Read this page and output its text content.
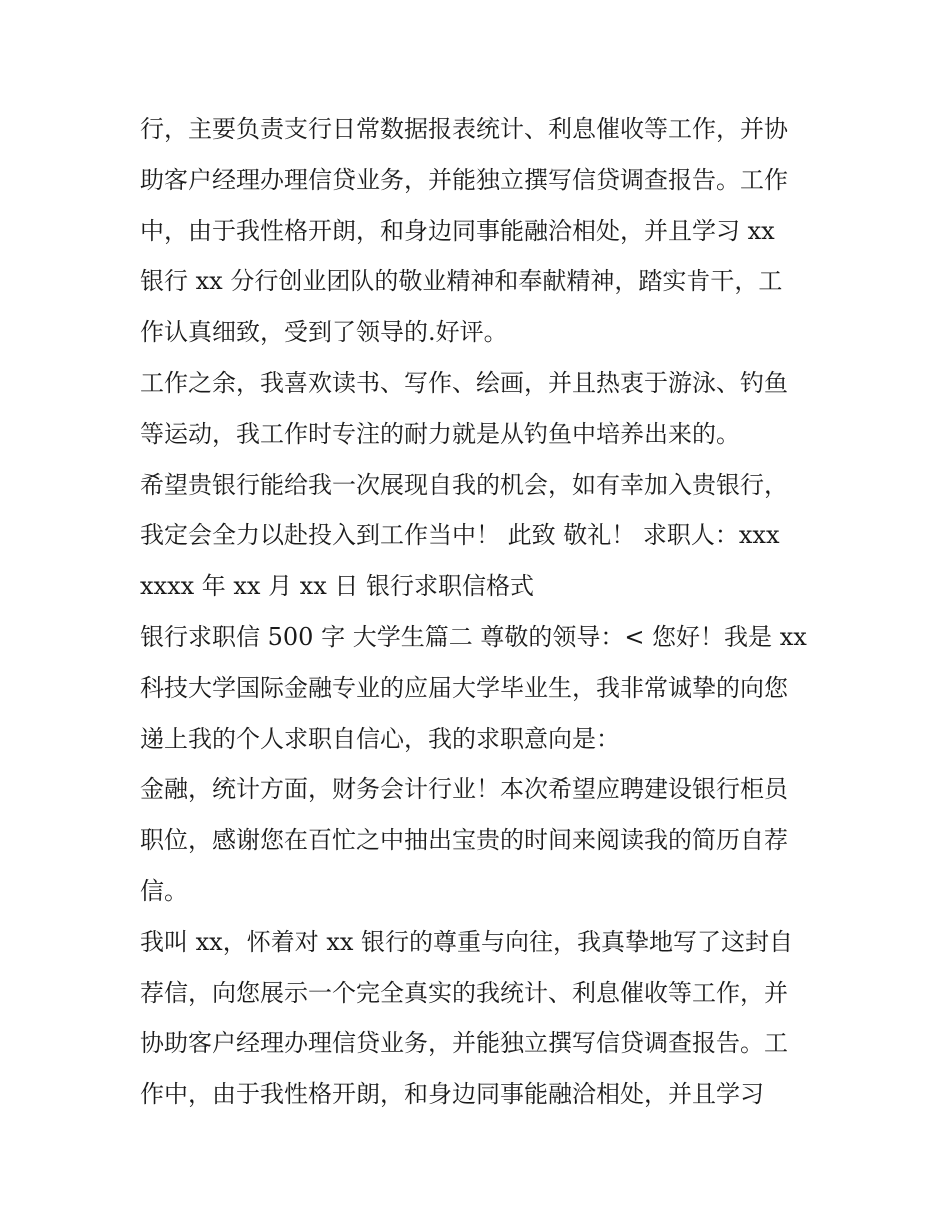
行，主要负责支行日常数据报表统计、利息催收等工作，并协
助客户经理办理信贷业务，并能独立撰写信贷调查报告。工作
中，由于我性格开朗，和身边同事能融洽相处，并且学习 xx
银行 xx 分行创业团队的敬业精神和奉献精神，踏实肯干，工
作认真细致，受到了领导的.好评。
工作之余，我喜欢读书、写作、绘画，并且热衷于游泳、钓鱼
等运动，我工作时专注的耐力就是从钓鱼中培养出来的。
希望贵银行能给我一次展现自我的机会，如有幸加入贵银行，
我定会全力以赴投入到工作当中！ 此致 敬礼！ 求职人：xxx
xxxx 年 xx 月 xx 日 银行求职信格式
银行求职信 500 字 大学生篇二 尊敬的领导：< 您好！我是 xx
科技大学国际金融专业的应届大学毕业生，我非常诚挚的向您
递上我的个人求职自信心，我的求职意向是：
金融，统计方面，财务会计行业！本次希望应聘建设银行柜员
职位，感谢您在百忙之中抽出宝贵的时间来阅读我的简历自荐
信。
我叫 xx，怀着对 xx 银行的尊重与向往，我真挚地写了这封自
荐信，向您展示一个完全真实的我统计、利息催收等工作，并
协助客户经理办理信贷业务，并能独立撰写信贷调查报告。工
作中，由于我性格开朗，和身边同事能融洽相处，并且学习
